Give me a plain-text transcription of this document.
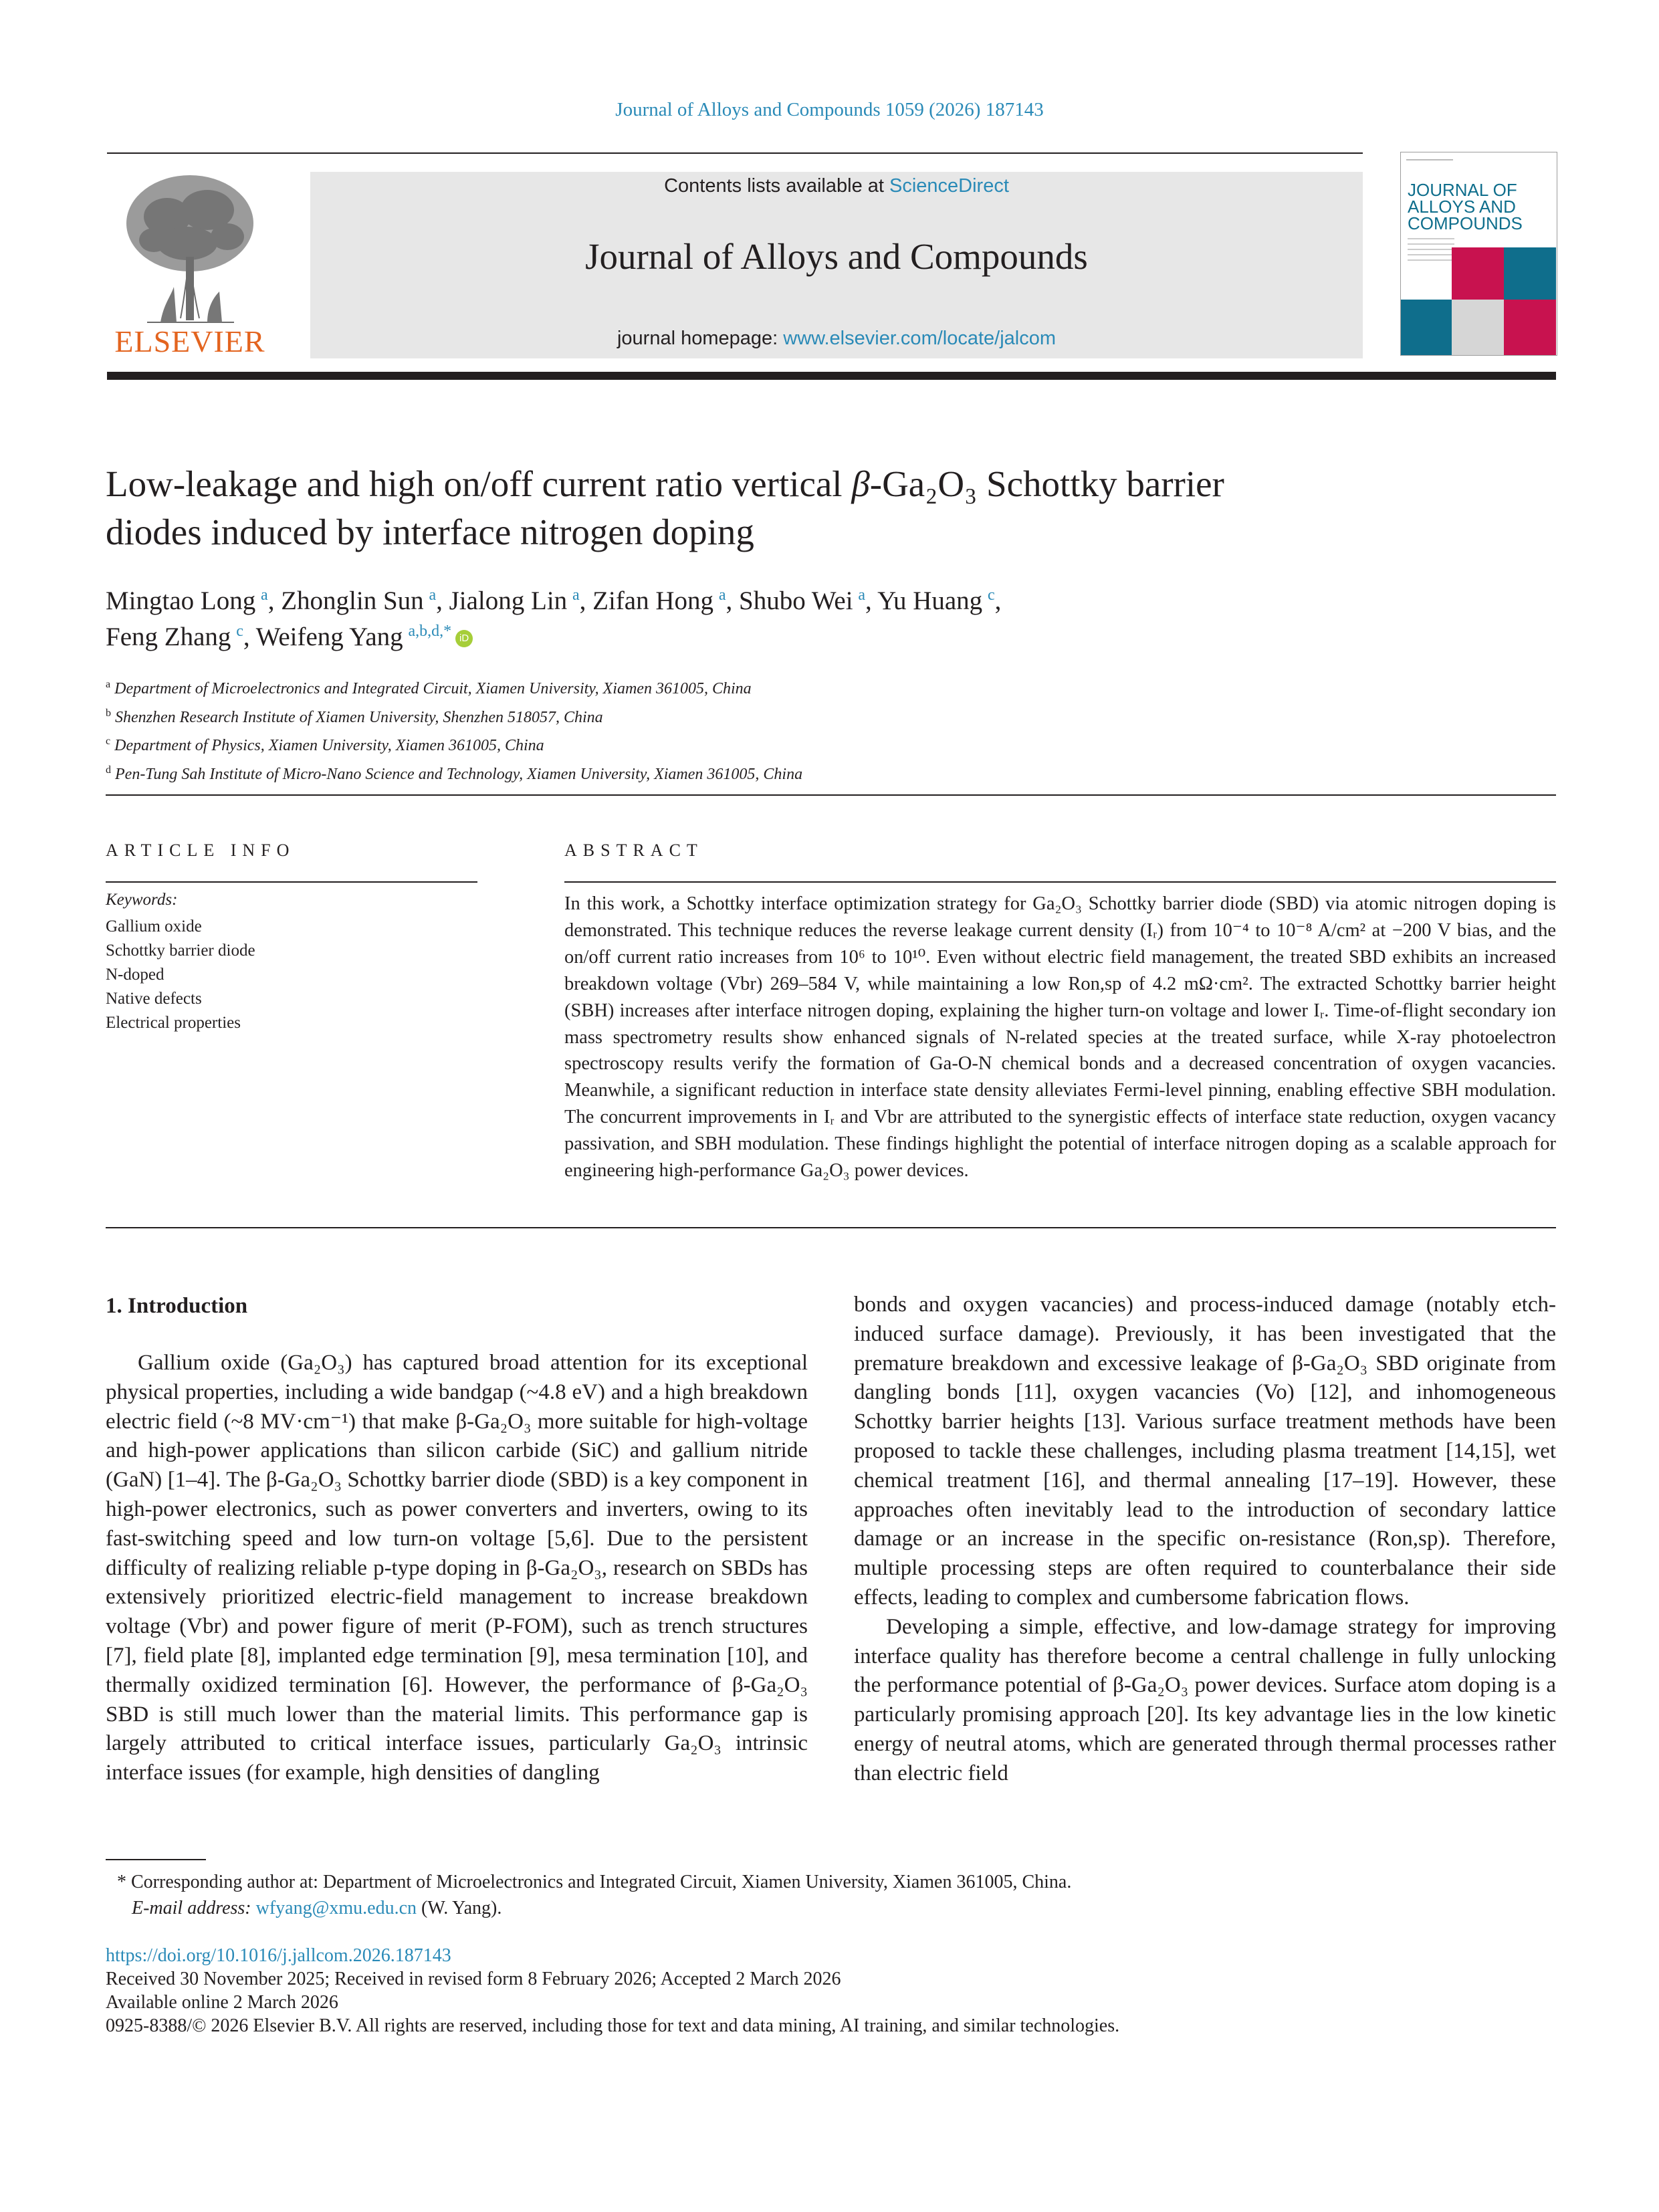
Journal of Alloys and Compounds 1059 (2026) 187143
ELSEVIER
Contents lists available at ScienceDirect
Journal of Alloys and Compounds
journal homepage: www.elsevier.com/locate/jalcom
JOURNAL OF
ALLOYS AND
COMPOUNDS
Low-leakage and high on/off current ratio vertical β-Ga₂O₃ Schottky barrier
diodes induced by interface nitrogen doping
Mingtao Long  $^a$, Zhonglin Sun  $^a$, Jialong Lin  $^a$, Zifan Hong  $^a$, Shubo Wei  $^a$, Yu Huang  $^c$,
Feng Zhang  $^c$, Weifeng Yang  $^{a,b,d,*}$ iD
$^a$ Department of Microelectronics and Integrated Circuit, Xiamen University, Xiamen 361005, China
$^b$ Shenzhen Research Institute of Xiamen University, Shenzhen 518057, China
$^c$ Department of Physics, Xiamen University, Xiamen 361005, China
$^d$ Pen-Tung Sah Institute of Micro-Nano Science and Technology, Xiamen University, Xiamen 361005, China
ARTICLE INFO
Keywords:
Gallium oxide
Schottky barrier diode
N-doped
Native defects
Electrical properties
ABSTRACT
In this work, a Schottky interface optimization strategy for Ga₂O₃ Schottky barrier diode (SBD) via atomic nitrogen doping is demonstrated. This technique reduces the reverse leakage current density (Iᵣ) from 10⁻⁴ to 10⁻⁸ A/cm² at −200 V bias, and the on/off current ratio increases from 10⁶ to 10¹⁰. Even without electric field management, the treated SBD exhibits an increased breakdown voltage (Vbr) 269–584 V, while maintaining a low Ron,sp of 4.2 mΩ·cm². The extracted Schottky barrier height (SBH) increases after interface nitrogen doping, explaining the higher turn-on voltage and lower Iᵣ. Time-of-flight secondary ion mass spectrometry results show enhanced signals of N-related species at the treated surface, while X-ray photoelectron spectroscopy results verify the formation of Ga-O-N chemical bonds and a decreased concentration of oxygen vacancies. Meanwhile, a significant reduction in interface state density alleviates Fermi-level pinning, enabling effective SBH modulation. The concurrent improvements in Iᵣ and Vbr are attributed to the synergistic effects of interface state reduction, oxygen vacancy passivation, and SBH modulation. These findings highlight the potential of interface nitrogen doping as a scalable approach for engineering high-performance Ga₂O₃ power devices.
1. Introduction

Gallium oxide (Ga₂O₃) has captured broad attention for its exceptional physical properties, including a wide bandgap (~4.8 eV) and a high breakdown electric field (~8 MV·cm⁻¹) that make β-Ga₂O₃ more suitable for high-voltage and high-power applications than silicon carbide (SiC) and gallium nitride (GaN) [1–4]. The β-Ga₂O₃ Schottky barrier diode (SBD) is a key component in high-power electronics, such as power converters and inverters, owing to its fast-switching speed and low turn-on voltage [5,6]. Due to the persistent difficulty of realizing reliable p-type doping in β-Ga₂O₃, research on SBDs has extensively prioritized electric-field management to increase breakdown voltage (Vbr) and power figure of merit (P-FOM), such as trench structures [7], field plate [8], implanted edge termination [9], mesa termination [10], and thermally oxidized termination [6]. However, the performance of β-Ga₂O₃ SBD is still much lower than the material limits. This performance gap is largely attributed to critical interface issues, particularly Ga₂O₃ intrinsic interface issues (for example, high densities of dangling

bonds and oxygen vacancies) and process-induced damage (notably etch-induced surface damage). Previously, it has been investigated that the premature breakdown and excessive leakage of β-Ga₂O₃ SBD originate from dangling bonds [11], oxygen vacancies (Vo) [12], and inhomogeneous Schottky barrier heights [13]. Various surface treatment methods have been proposed to tackle these challenges, including plasma treatment [14,15], wet chemical treatment [16], and thermal annealing [17–19]. However, these approaches often inevitably lead to the introduction of secondary lattice damage or an increase in the specific on-resistance (Ron,sp). Therefore, multiple processing steps are often required to counterbalance their side effects, leading to complex and cumbersome fabrication flows.

Developing a simple, effective, and low-damage strategy for improving interface quality has therefore become a central challenge in fully unlocking the performance potential of β-Ga₂O₃ power devices. Surface atom doping is a particularly promising approach [20]. Its key advantage lies in the low kinetic energy of neutral atoms, which are generated through thermal processes rather than electric field

* Corresponding author at: Department of Microelectronics and Integrated Circuit, Xiamen University, Xiamen 361005, China.
E-mail address: wfyang@xmu.edu.cn (W. Yang).
https://doi.org/10.1016/j.jallcom.2026.187143
Received 30 November 2025; Received in revised form 8 February 2026; Accepted 2 March 2026
Available online 2 March 2026
0925-8388/© 2026 Elsevier B.V. All rights are reserved, including those for text and data mining, AI training, and similar technologies.
